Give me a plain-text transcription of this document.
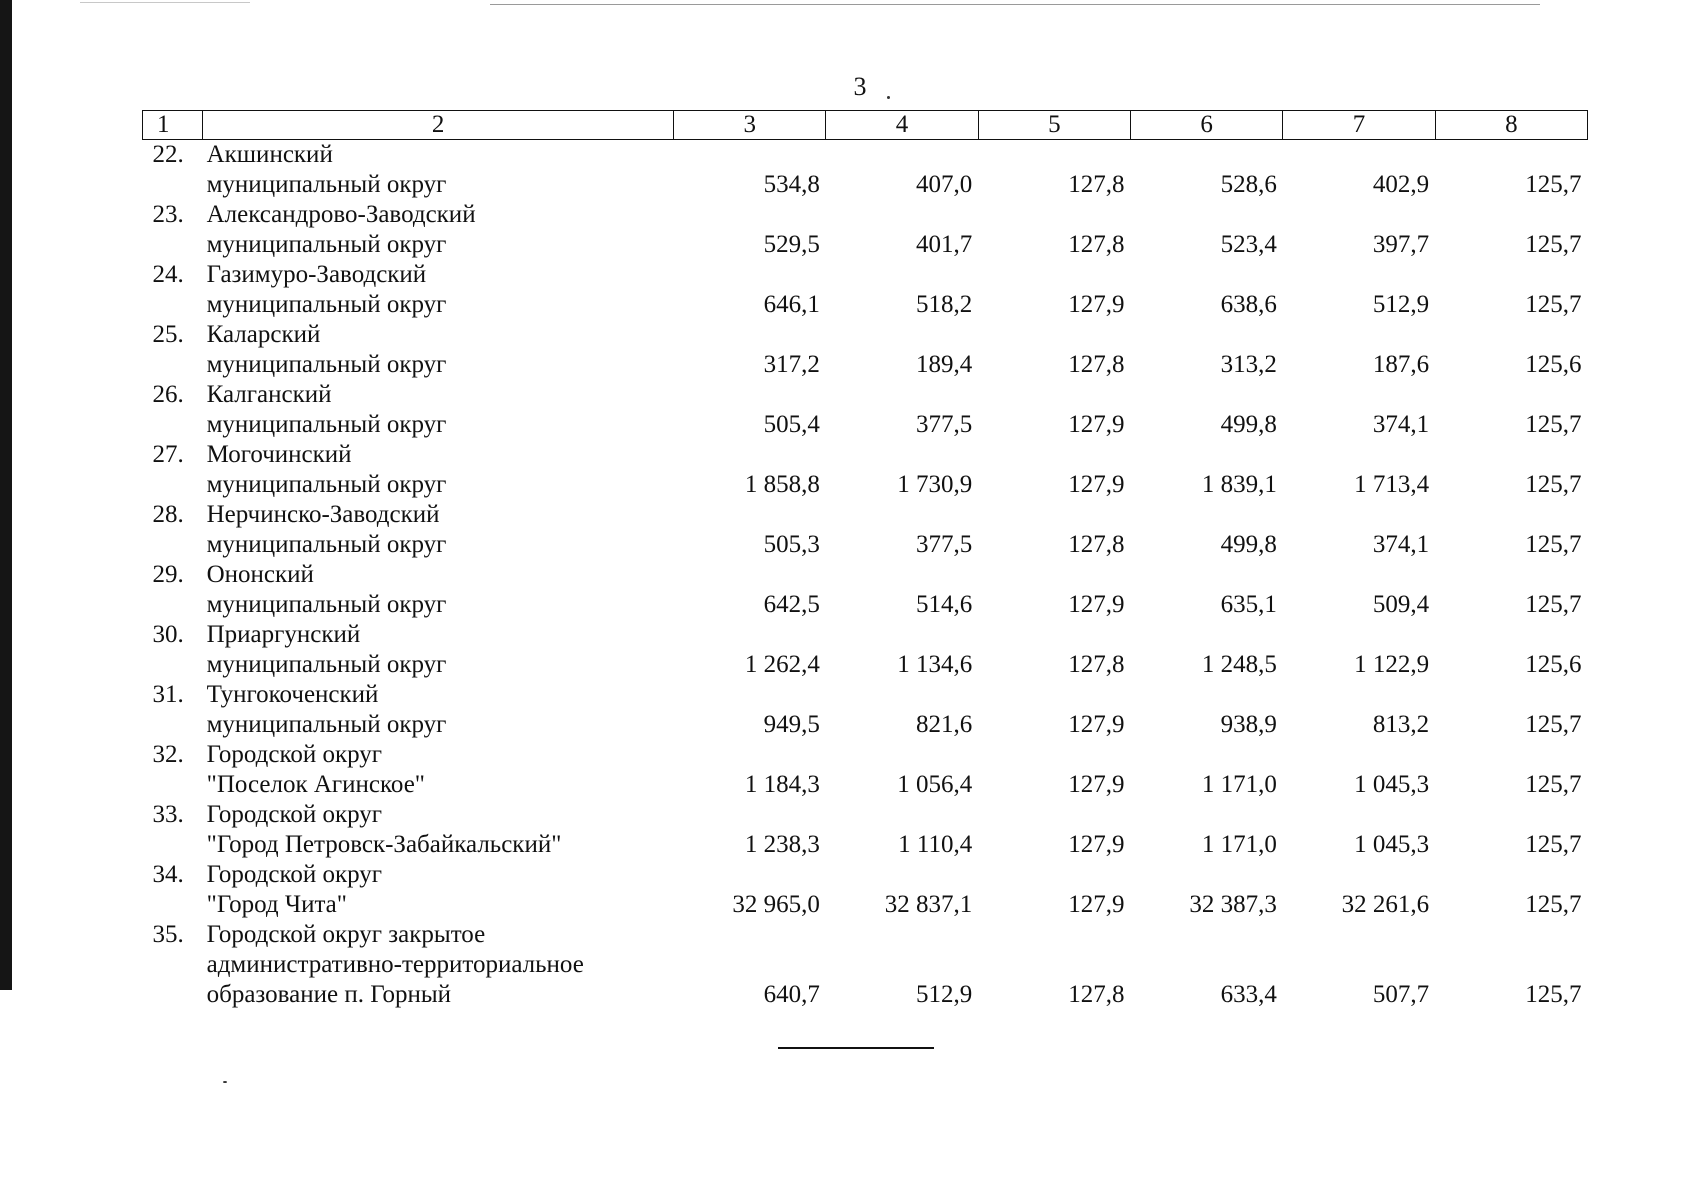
3
1	2	3	4	5	6	7	8
22.	Акшинский
муниципальный округ	534,8	407,0	127,8	528,6	402,9	125,7
23.	Александрово-Заводский
муниципальный округ	529,5	401,7	127,8	523,4	397,7	125,7
24.	Газимуро-Заводский
муниципальный округ	646,1	518,2	127,9	638,6	512,9	125,7
25.	Каларский
муниципальный округ	317,2	189,4	127,8	313,2	187,6	125,6
26.	Калганский
муниципальный округ	505,4	377,5	127,9	499,8	374,1	125,7
27.	Могочинский
муниципальный округ	1 858,8	1 730,9	127,9	1 839,1	1 713,4	125,7
28.	Нерчинско-Заводский
муниципальный округ	505,3	377,5	127,8	499,8	374,1	125,7
29.	Ононский
муниципальный округ	642,5	514,6	127,9	635,1	509,4	125,7
30.	Приаргунский
муниципальный округ	1 262,4	1 134,6	127,8	1 248,5	1 122,9	125,6
31.	Тунгокоченский
муниципальный округ	949,5	821,6	127,9	938,9	813,2	125,7
32.	Городской округ
"Поселок Агинское"	1 184,3	1 056,4	127,9	1 171,0	1 045,3	125,7
33.	Городской округ
"Город Петровск-Забайкальский"	1 238,3	1 110,4	127,9	1 171,0	1 045,3	125,7
34.	Городской округ
"Город Чита"	32 965,0	32 837,1	127,9	32 387,3	32 261,6	125,7
35.	Городской округ закрытое
административно-территориальное
образование п. Горный	640,7	512,9	127,8	633,4	507,7	125,7
